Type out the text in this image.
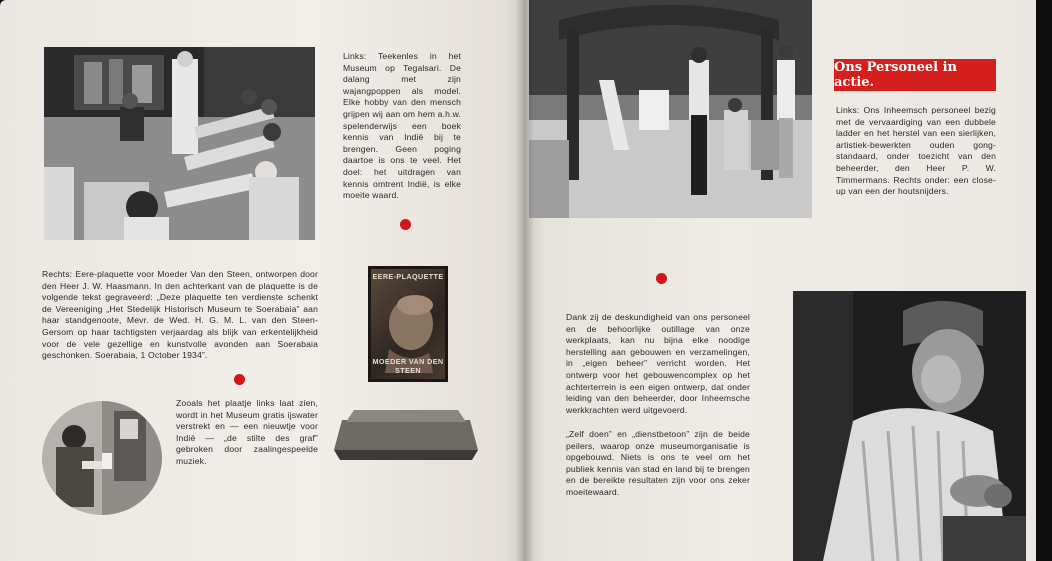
Links: Teekenles in het Museum op Tegalsari. De dalang met zijn wajangpoppen als model. Elke hobby van den mensch grijpen wij aan om hem a.h.w. spelenderwijs een boek kennis van Indië bij te brengen. Geen poging daartoe is ons te veel. Het doel: het uitdragen van kennis omtrent Indië, is elke moeite waard.

Rechts: Eere-plaquette voor Moeder Van den Steen, ontworpen door den Heer J. W. Haasmann. In den achterkant van de plaquette is de volgende tekst gegraveerd: „Deze plaquette ten verdienste schenkt de Vereeniging „Het Stedelijk Historisch Museum te Soerabaia” aan haar standgenoote, Mevr. de Wed. H. G. M. L. van den Steen-Gersom op haar tachtigsten verjaardag als blijk van erkentelijkheid voor de vele gezellige en kunstvolle avonden aan Soerabaia geschonken. Soerabaia, 1 October 1934”.

Zooals het plaatje links laat zien, wordt in het Museum gratis ijswater verstrekt en — een nieuwtje voor Indië — „de stilte des graf” gebroken door zaalingespeelde muziek.

EERE-PLAQUETTE
MOEDER VAN DEN STEEN
Ons Personeel in actie.

Links: Ons Inheemsch personeel bezig met de vervaardiging van een dubbele ladder en het herstel van een sierlijken, artistiek-bewerkten ouden gong-standaard, onder toezicht van den beheerder, den Heer P. W. Timmermans. Rechts onder: een close-up van een der houtsnijders.

Dank zij de deskundigheid van ons personeel en de behoorlijke outillage van onze werkplaats, kan nu bijna elke noodige herstelling aan gebouwen en verzamelingen, in „eigen beheer” verricht worden. Het ontwerp voor het gebouwencomplex op het achterterrein is een eigen ontwerp, dat onder leiding van den beheerder, door Inheemsche werkkrachten werd uitgevoerd.

„Zelf doen” en „dienstbetoon” zijn de beide peilers, waarop onze museumorganisatie is opgebouwd. Niets is ons te veel om het publiek kennis van stad en land bij te brengen en de bereikte resultaten zijn voor ons zeker moeitewaard.
